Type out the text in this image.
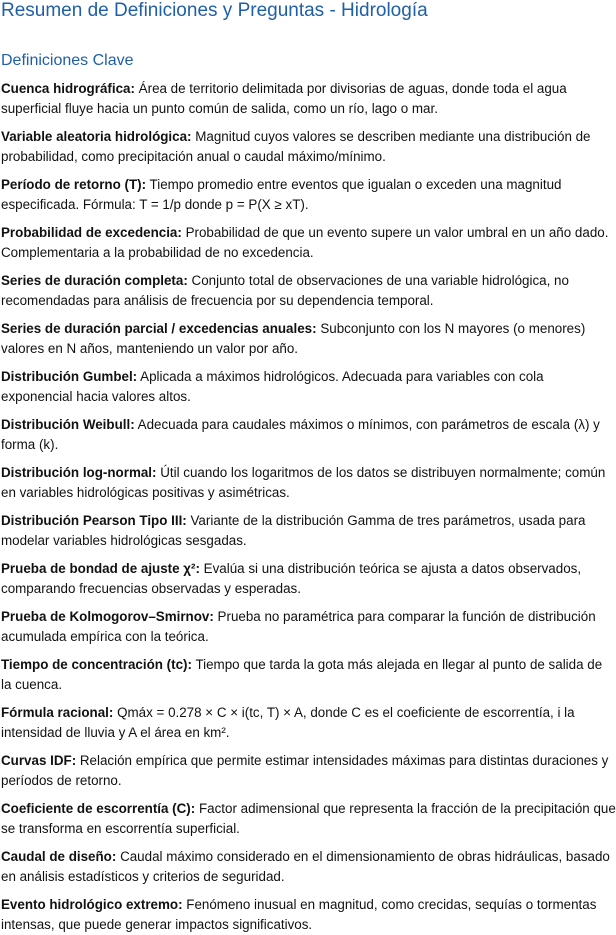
Resumen de Definiciones y Preguntas - Hidrología
Definiciones Clave

Cuenca hidrográfica: Área de territorio delimitada por divisorias de aguas, donde toda el agua superficial fluye hacia un punto común de salida, como un río, lago o mar.

Variable aleatoria hidrológica: Magnitud cuyos valores se describen mediante una distribución de probabilidad, como precipitación anual o caudal máximo/mínimo.

Período de retorno (T): Tiempo promedio entre eventos que igualan o exceden una magnitud especificada. Fórmula: T = 1/p donde p = P(X ≥ xT).

Probabilidad de excedencia: Probabilidad de que un evento supere un valor umbral en un año dado. Complementaria a la probabilidad de no excedencia.

Series de duración completa: Conjunto total de observaciones de una variable hidrológica, no recomendadas para análisis de frecuencia por su dependencia temporal.

Series de duración parcial / excedencias anuales: Subconjunto con los N mayores (o menores) valores en N años, manteniendo un valor por año.

Distribución Gumbel: Aplicada a máximos hidrológicos. Adecuada para variables con cola exponencial hacia valores altos.

Distribución Weibull: Adecuada para caudales máximos o mínimos, con parámetros de escala (λ) y forma (k).

Distribución log-normal: Útil cuando los logaritmos de los datos se distribuyen normalmente; común en variables hidrológicas positivas y asimétricas.

Distribución Pearson Tipo III: Variante de la distribución Gamma de tres parámetros, usada para modelar variables hidrológicas sesgadas.

Prueba de bondad de ajuste χ²: Evalúa si una distribución teórica se ajusta a datos observados, comparando frecuencias observadas y esperadas.

Prueba de Kolmogorov–Smirnov: Prueba no paramétrica para comparar la función de distribución acumulada empírica con la teórica.

Tiempo de concentración (tc): Tiempo que tarda la gota más alejada en llegar al punto de salida de la cuenca.

Fórmula racional: Qmáx = 0.278 × C × i(tc, T) × A, donde C es el coeficiente de escorrentía, i la intensidad de lluvia y A el área en km².

Curvas IDF: Relación empírica que permite estimar intensidades máximas para distintas duraciones y períodos de retorno.

Coeficiente de escorrentía (C): Factor adimensional que representa la fracción de la precipitación que se transforma en escorrentía superficial.

Caudal de diseño: Caudal máximo considerado en el dimensionamiento de obras hidráulicas, basado en análisis estadísticos y criterios de seguridad.

Evento hidrológico extremo: Fenómeno inusual en magnitud, como crecidas, sequías o tormentas intensas, que puede generar impactos significativos.
